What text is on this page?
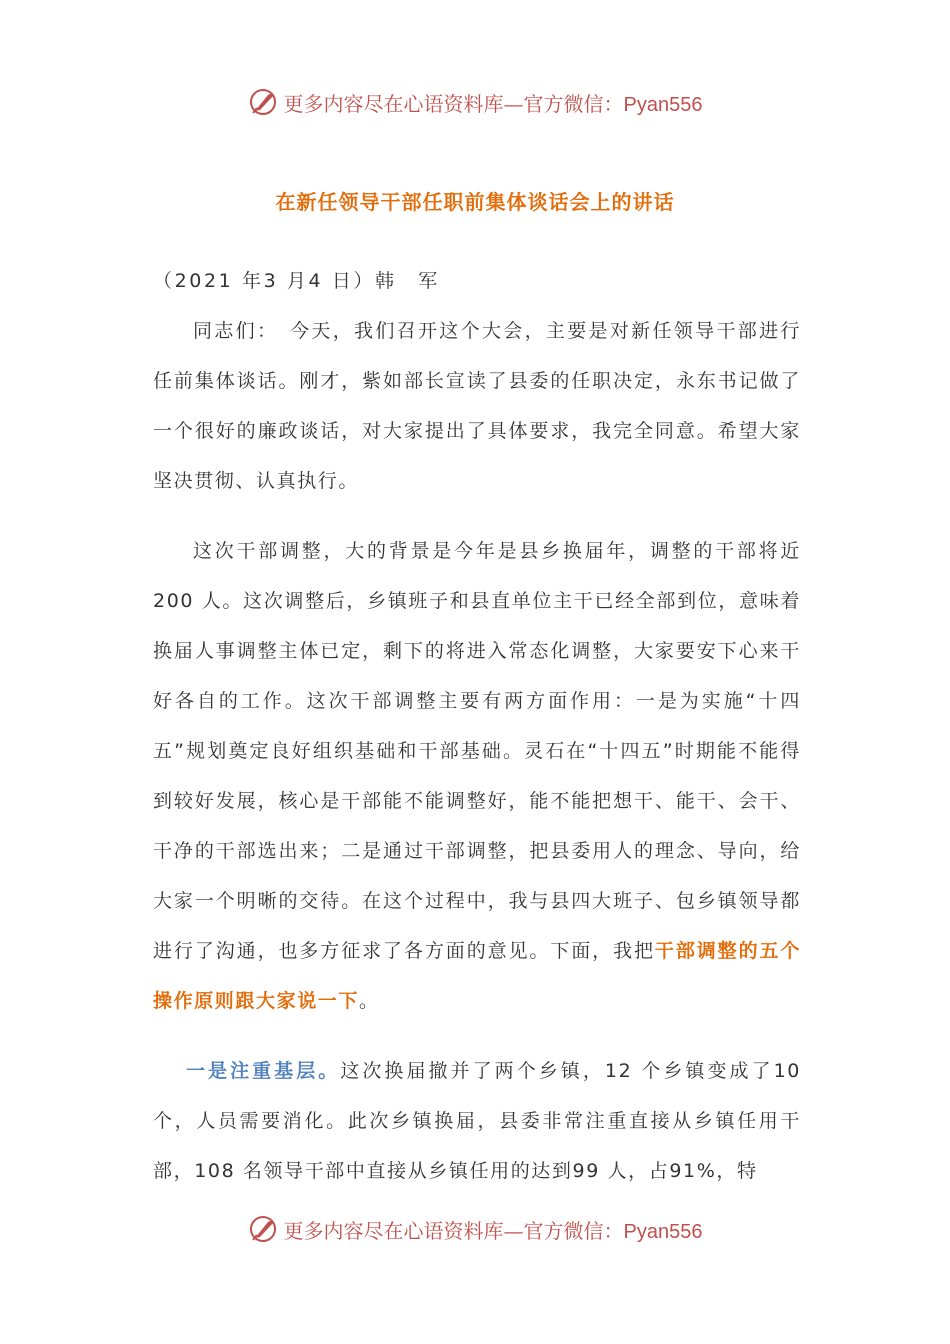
更多内容尽在心语资料库—官方微信：Pyan556
在新任领导干部任职前集体谈话会上的讲话

（2021 年3 月4 日）韩　军

同志们：　今天，我们召开这个大会，主要是对新任领导干部进行任前集体谈话。刚才，紫如部长宣读了县委的任职决定，永东书记做了一个很好的廉政谈话，对大家提出了具体要求，我完全同意。希望大家坚决贯彻、认真执行。

这次干部调整，大的背景是今年是县乡换届年，调整的干部将近200 人。这次调整后，乡镇班子和县直单位主干已经全部到位，意味着换届人事调整主体已定，剩下的将进入常态化调整，大家要安下心来干好各自的工作。这次干部调整主要有两方面作用：一是为实施“十四五”规划奠定良好组织基础和干部基础。灵石在“十四五”时期能不能得到较好发展，核心是干部能不能调整好，能不能把想干、能干、会干、干净的干部选出来；二是通过干部调整，把县委用人的理念、导向，给大家一个明晰的交待。在这个过程中，我与县四大班子、包乡镇领导都进行了沟通，也多方征求了各方面的意见。下面，我把干部调整的五个操作原则跟大家说一下。

一是注重基层。这次换届撤并了两个乡镇，12 个乡镇变成了10 个，人员需要消化。此次乡镇换届，县委非常注重直接从乡镇任用干部，108 名领导干部中直接从乡镇任用的达到99 人，占91%，特

更多内容尽在心语资料库—官方微信：Pyan556
